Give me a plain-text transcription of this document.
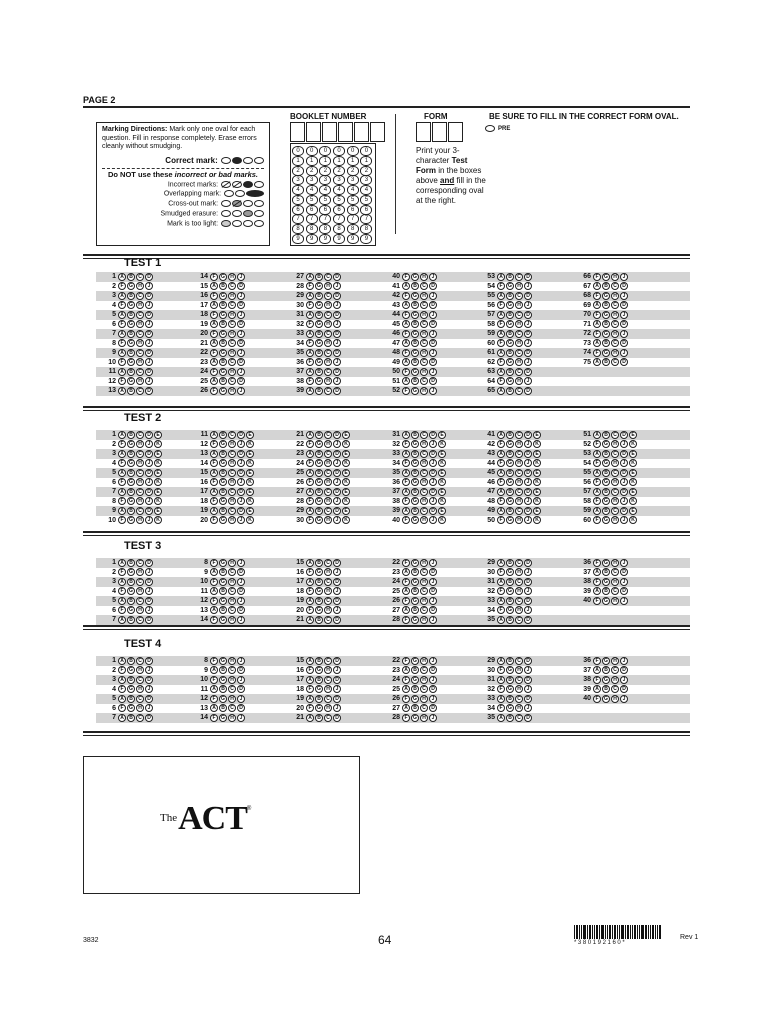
PAGE 2
Marking Directions: Mark only one oval for each question. Fill in response completely. Erase errors cleanly without smudging.
Correct mark:
Do NOT use these incorrect or bad marks.
Incorrect marks:
Overlapping mark:
Cross-out mark:
Smudged erasure:
Mark is too light:
BOOKLET NUMBER
0	0	0	0	0	0
1	1	1	1	1	1
2	2	2	2	2	2
3	3	3	3	3	3
4	4	4	4	4	4
5	5	5	5	5	5
6	6	6	6	6	6
7	7	7	7	7	7
8	8	8	8	8	8
9	9	9	9	9	9
FORM
Print your 3-character Test Form in the boxes above and fill in the corresponding oval at the right.
BE SURE TO FILL IN THE CORRECT FORM OVAL.
PRE
TEST 1
1 A	B	C	D
2 F	G	H	J
3 A	B	C	D
4 F	G	H	J
5 A	B	C	D
6 F	G	H	J
7 A	B	C	D
8 F	G	H	J
9 A	B	C	D
10 F	G	H	J
11 A	B	C	D
12 F	G	H	J
13 A	B	C	D
14 F	G	H	J
15 A	B	C	D
16 F	G	H	J
17 A	B	C	D
18 F	G	H	J
19 A	B	C	D
20 F	G	H	J
21 A	B	C	D
22 F	G	H	J
23 A	B	C	D
24 F	G	H	J
25 A	B	C	D
26 F	G	H	J
27 A	B	C	D
28 F	G	H	J
29 A	B	C	D
30 F	G	H	J
31 A	B	C	D
32 F	G	H	J
33 A	B	C	D
34 F	G	H	J
35 A	B	C	D
36 F	G	H	J
37 A	B	C	D
38 F	G	H	J
39 A	B	C	D
40 F	G	H	J
41 A	B	C	D
42 F	G	H	J
43 A	B	C	D
44 F	G	H	J
45 A	B	C	D
46 F	G	H	J
47 A	B	C	D
48 F	G	H	J
49 A	B	C	D
50 F	G	H	J
51 A	B	C	D
52 F	G	H	J
53 A	B	C	D
54 F	G	H	J
55 A	B	C	D
56 F	G	H	J
57 A	B	C	D
58 F	G	H	J
59 A	B	C	D
60 F	G	H	J
61 A	B	C	D
62 F	G	H	J
63 A	B	C	D
64 F	G	H	J
65 A	B	C	D
66 F	G	H	J
67 A	B	C	D
68 F	G	H	J
69 A	B	C	D
70 F	G	H	J
71 A	B	C	D
72 F	G	H	J
73 A	B	C	D
74 F	G	H	J
75 A	B	C	D
TEST 2
1 A	B	C	D	E
2 F	G	H	J	K
3 A	B	C	D	E
4 F	G	H	J	K
5 A	B	C	D	E
6 F	G	H	J	K
7 A	B	C	D	E
8 F	G	H	J	K
9 A	B	C	D	E
10 F	G	H	J	K
11 A	B	C	D	E
12 F	G	H	J	K
13 A	B	C	D	E
14 F	G	H	J	K
15 A	B	C	D	E
16 F	G	H	J	K
17 A	B	C	D	E
18 F	G	H	J	K
19 A	B	C	D	E
20 F	G	H	J	K
21 A	B	C	D	E
22 F	G	H	J	K
23 A	B	C	D	E
24 F	G	H	J	K
25 A	B	C	D	E
26 F	G	H	J	K
27 A	B	C	D	E
28 F	G	H	J	K
29 A	B	C	D	E
30 F	G	H	J	K
31 A	B	C	D	E
32 F	G	H	J	K
33 A	B	C	D	E
34 F	G	H	J	K
35 A	B	C	D	E
36 F	G	H	J	K
37 A	B	C	D	E
38 F	G	H	J	K
39 A	B	C	D	E
40 F	G	H	J	K
41 A	B	C	D	E
42 F	G	H	J	K
43 A	B	C	D	E
44 F	G	H	J	K
45 A	B	C	D	E
46 F	G	H	J	K
47 A	B	C	D	E
48 F	G	H	J	K
49 A	B	C	D	E
50 F	G	H	J	K
51 A	B	C	D	E
52 F	G	H	J	K
53 A	B	C	D	E
54 F	G	H	J	K
55 A	B	C	D	E
56 F	G	H	J	K
57 A	B	C	D	E
58 F	G	H	J	K
59 A	B	C	D	E
60 F	G	H	J	K
TEST 3
1 A	B	C	D
2 F	G	H	J
3 A	B	C	D
4 F	G	H	J
5 A	B	C	D
6 F	G	H	J
7 A	B	C	D
8 F	G	H	J
9 A	B	C	D
10 F	G	H	J
11 A	B	C	D
12 F	G	H	J
13 A	B	C	D
14 F	G	H	J
15 A	B	C	D
16 F	G	H	J
17 A	B	C	D
18 F	G	H	J
19 A	B	C	D
20 F	G	H	J
21 A	B	C	D
22 F	G	H	J
23 A	B	C	D
24 F	G	H	J
25 A	B	C	D
26 F	G	H	J
27 A	B	C	D
28 F	G	H	J
29 A	B	C	D
30 F	G	H	J
31 A	B	C	D
32 F	G	H	J
33 A	B	C	D
34 F	G	H	J
35 A	B	C	D
36 F	G	H	J
37 A	B	C	D
38 F	G	H	J
39 A	B	C	D
40 F	G	H	J
TEST 4
1 A	B	C	D
2 F	G	H	J
3 A	B	C	D
4 F	G	H	J
5 A	B	C	D
6 F	G	H	J
7 A	B	C	D
8 F	G	H	J
9 A	B	C	D
10 F	G	H	J
11 A	B	C	D
12 F	G	H	J
13 A	B	C	D
14 F	G	H	J
15 A	B	C	D
16 F	G	H	J
17 A	B	C	D
18 F	G	H	J
19 A	B	C	D
20 F	G	H	J
21 A	B	C	D
22 F	G	H	J
23 A	B	C	D
24 F	G	H	J
25 A	B	C	D
26 F	G	H	J
27 A	B	C	D
28 F	G	H	J
29 A	B	C	D
30 F	G	H	J
31 A	B	C	D
32 F	G	H	J
33 A	B	C	D
34 F	G	H	J
35 A	B	C	D
36 F	G	H	J
37 A	B	C	D
38 F	G	H	J
39 A	B	C	D
40 F	G	H	J
The ACT ®
3832	64	*380192160*
Rev 1
